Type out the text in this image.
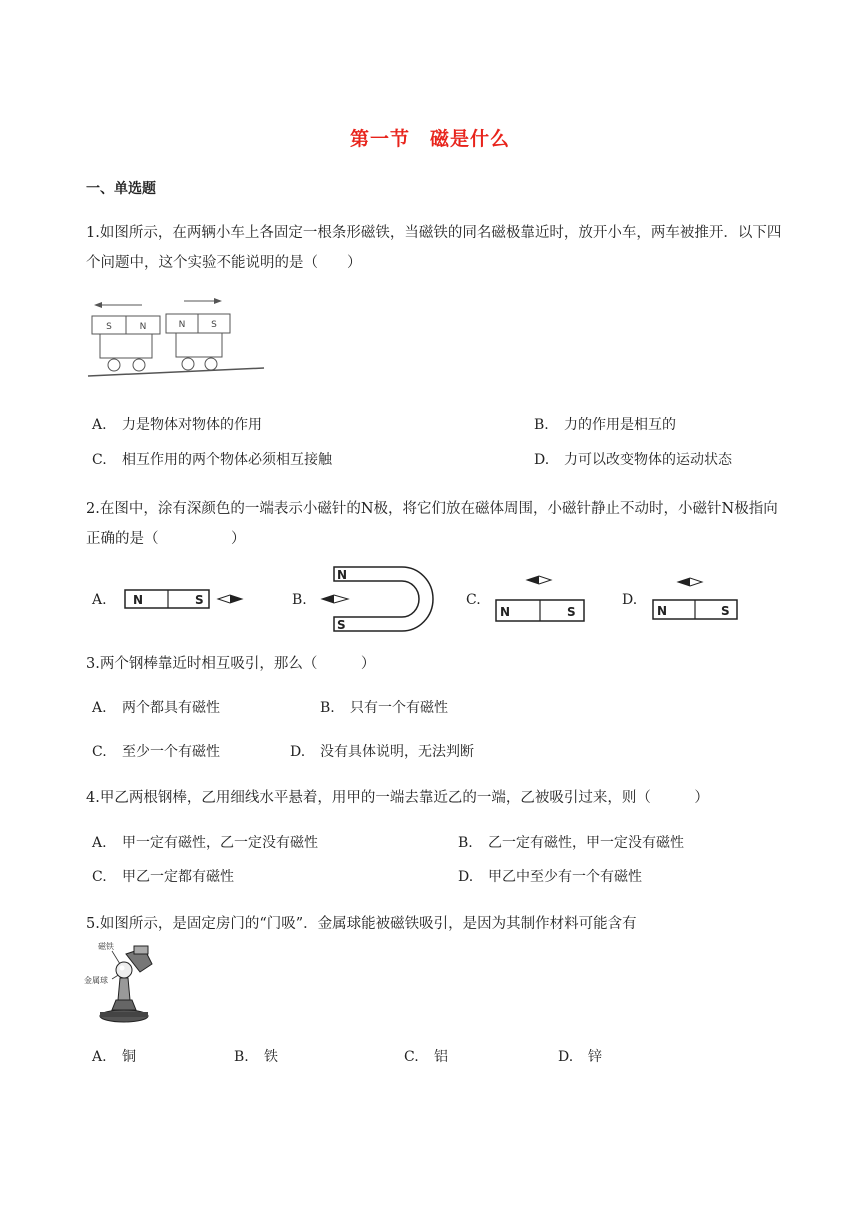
第一节　磁是什么
一、单选题
1.如图所示，在两辆小车上各固定一根条形磁铁，当磁铁的同名磁极靠近时，放开小车，两车被推开．以下四个问题中，这个实验不能说明的是（　　）
S	N	N	S
A. 力是物体对物体的作用	B. 力的作用是相互的
C. 相互作用的两个物体必须相互接触	D. 力可以改变物体的运动状态
2.在图中，涂有深颜色的一端表示小磁针的N极，将它们放在磁体周围，小磁针静止不动时，小磁针N极指向正确的是（　　　　　）
A. N	S	B.
N
S
C.
N	S
D.
N	S
3.两个钢棒靠近时相互吸引，那么（　　　）
A. 两个都具有磁性	B. 只有一个有磁性
C. 至少一个有磁性	D. 没有具体说明，无法判断
4.甲乙两根钢棒，乙用细线水平悬着，用甲的一端去靠近乙的一端，乙被吸引过来，则（　　　）
A. 甲一定有磁性，乙一定没有磁性	B. 乙一定有磁性，甲一定没有磁性
C. 甲乙一定都有磁性	D. 甲乙中至少有一个有磁性
5.如图所示，是固定房门的“门吸”．金属球能被磁铁吸引，是因为其制作材料可能含有
磁铁
金属球
A. 铜	B. 铁	C. 铝	D. 锌
